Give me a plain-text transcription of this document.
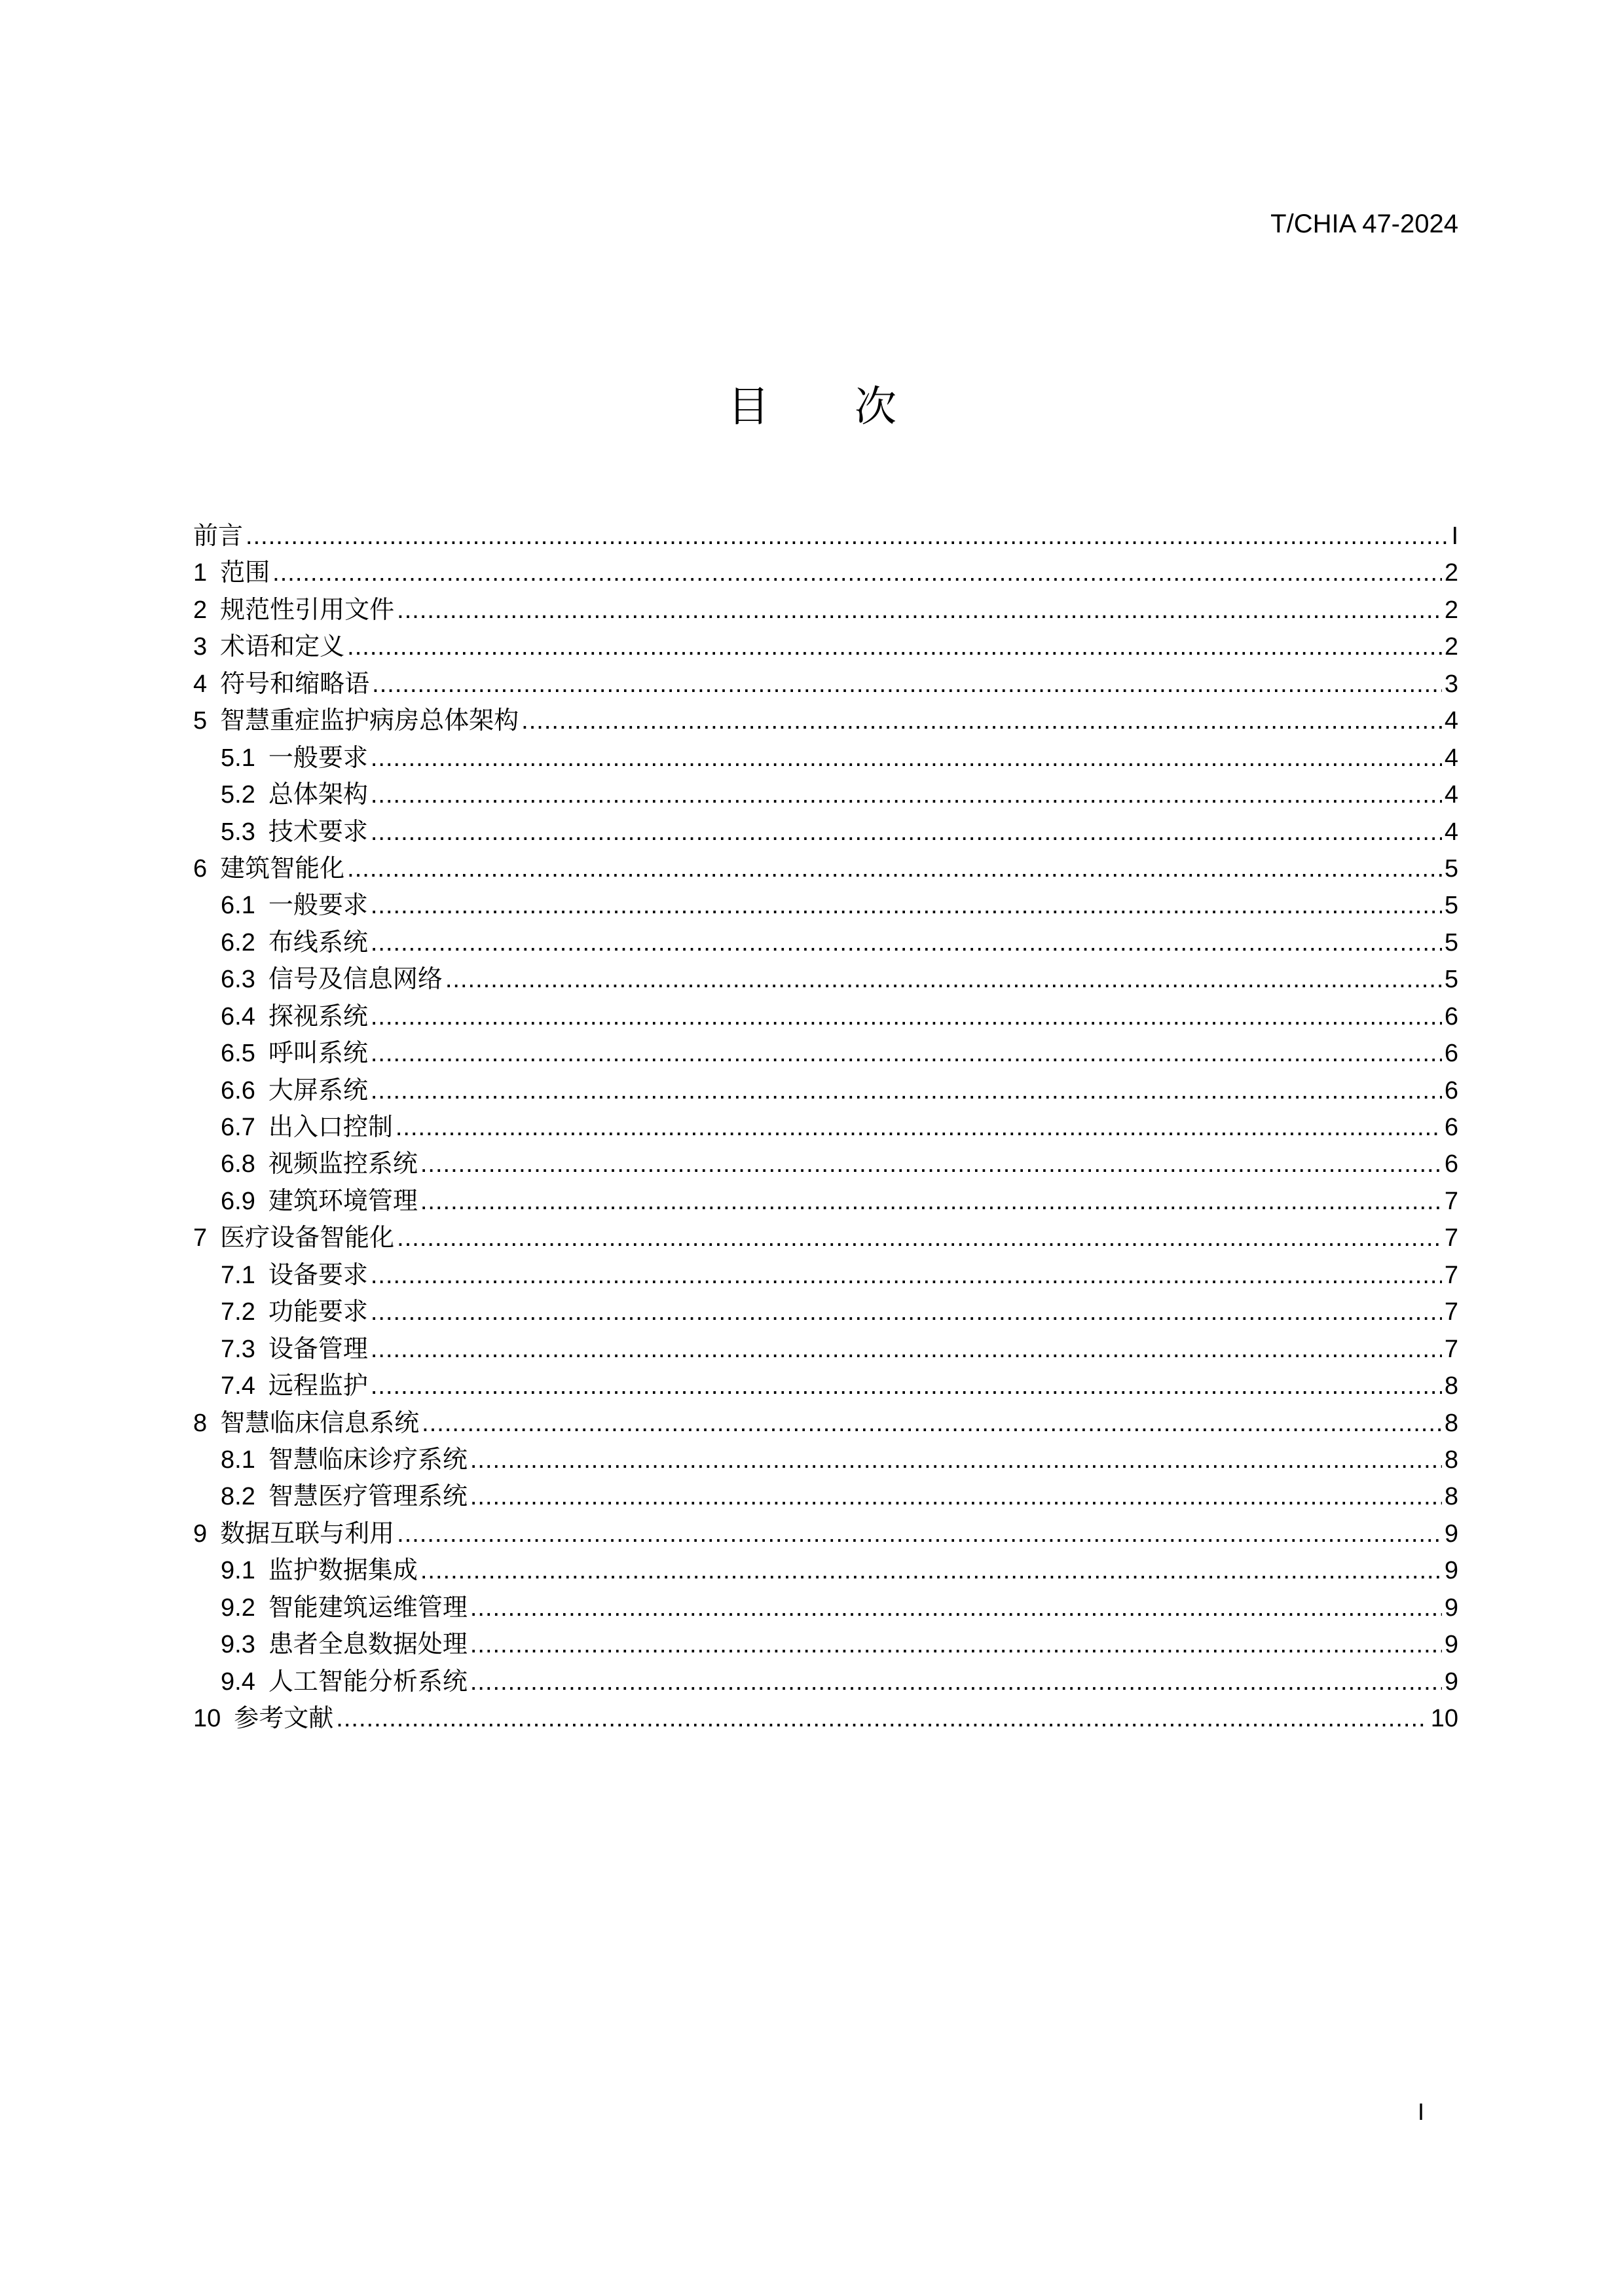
T/CHIA 47-2024
目次
前言 .....	I
1 范围 .....	2
2 规范性引用文件 .....	2
3 术语和定义 .....	2
4 符号和缩略语 .....	3
5 智慧重症监护病房总体架构 .....	4
5.1 一般要求 .....	4
5.2 总体架构 .....	4
5.3 技术要求 .....	4
6 建筑智能化 .....	5
6.1 一般要求 .....	5
6.2 布线系统 .....	5
6.3 信号及信息网络 .....	5
6.4 探视系统 .....	6
6.5 呼叫系统 .....	6
6.6 大屏系统 .....	6
6.7 出入口控制 .....	6
6.8 视频监控系统 .....	6
6.9 建筑环境管理 .....	7
7 医疗设备智能化 .....	7
7.1 设备要求 .....	7
7.2 功能要求 .....	7
7.3 设备管理 .....	7
7.4 远程监护 .....	8
8 智慧临床信息系统 .....	8
8.1 智慧临床诊疗系统 .....	8
8.2 智慧医疗管理系统 .....	8
9 数据互联与利用 .....	9
9.1 监护数据集成 .....	9
9.2 智能建筑运维管理 .....	9
9.3 患者全息数据处理 .....	9
9.4 人工智能分析系统 .....	9
10 参考文献 .....	10
I
